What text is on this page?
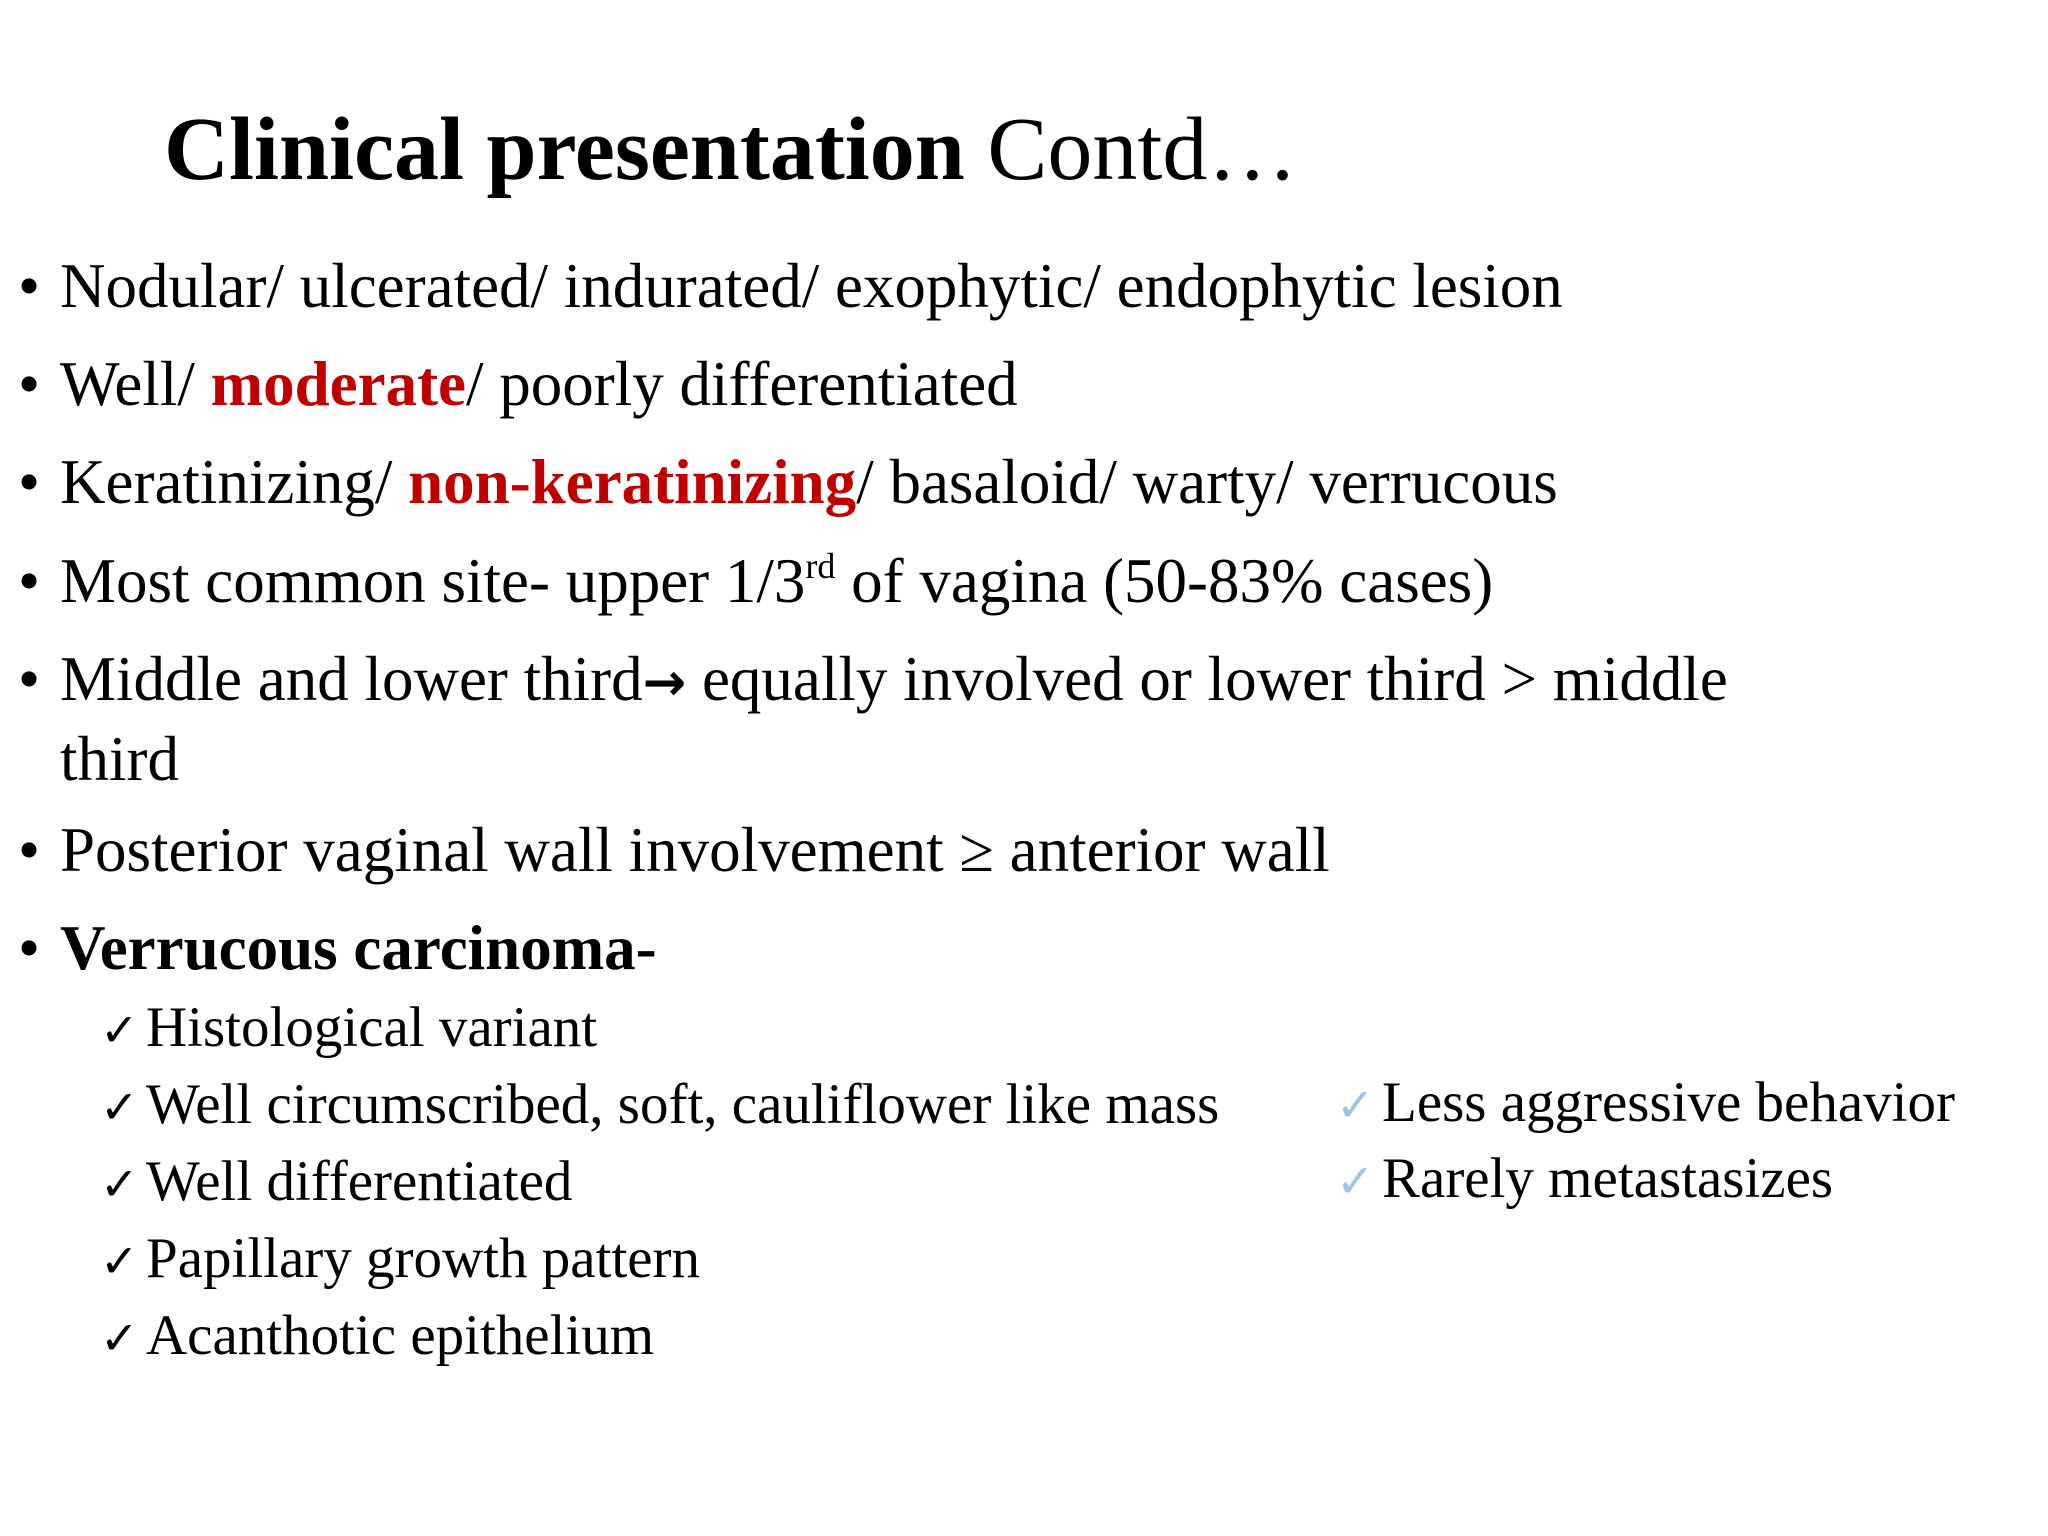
Clinical presentation Contd…
• Nodular/ ulcerated/ indurated/ exophytic/ endophytic lesion
• Well/ moderate/ poorly differentiated
• Keratinizing/ non-keratinizing/ basaloid/ warty/ verrucous
• Most common site- upper 1/3rd of vagina (50-83% cases)
• Middle and lower third→ equally involved or lower third > middle
third
• Posterior vaginal wall involvement ≥ anterior wall
• Verrucous carcinoma-
✓ Histological variant
✓ Well circumscribed, soft, cauliflower like mass
✓ Well differentiated
✓ Papillary growth pattern
✓ Acanthotic epithelium
✓ Less aggressive behavior
✓ Rarely metastasizes
